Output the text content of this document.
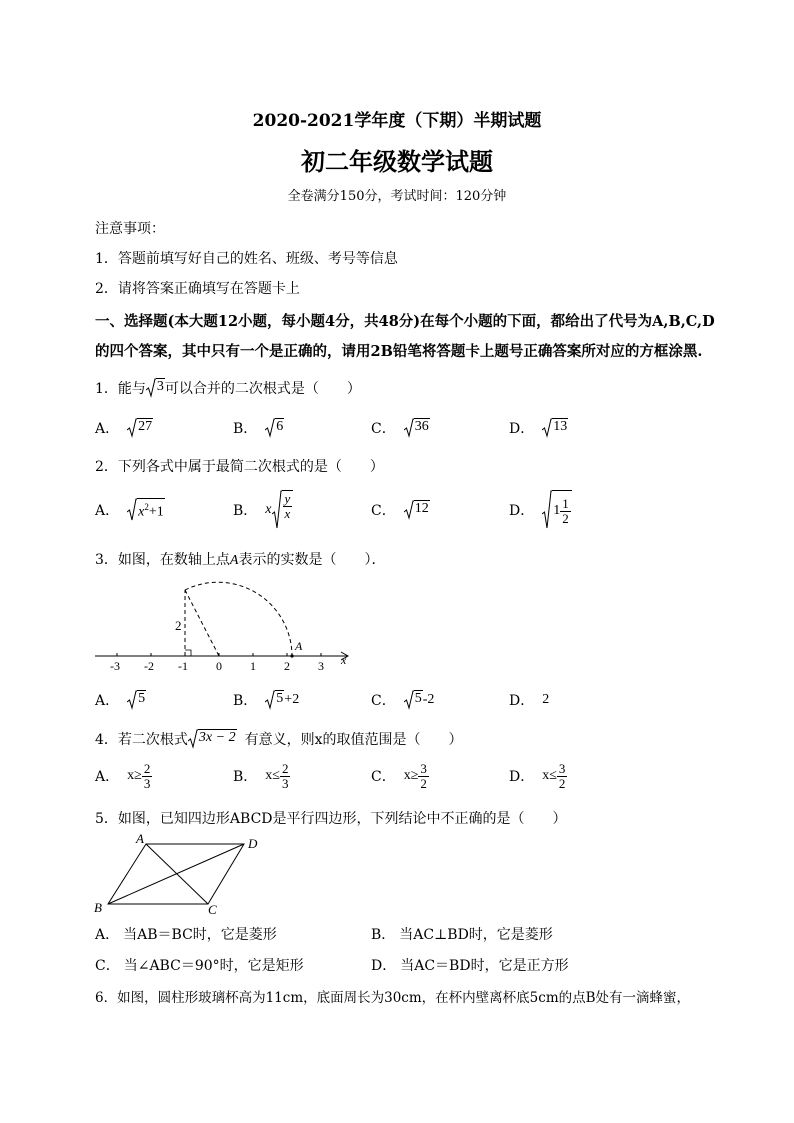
2020-2021学年度（下期）半期试题
初二年级数学试题
全卷满分150分，考试时间：120分钟
注意事项：
1．答题前填写好自己的姓名、班级、考号等信息
2．请将答案正确填写在答题卡上
一、选择题(本大题12小题，每小题4分，共48分)在每个小题的下面，都给出了代号为A,B,C,D
的四个答案，其中只有一个是正确的，请用2B铅笔将答题卡上题号正确答案所对应的方框涂黑.
1．能与 3 可以合并的二次根式是（　　）
A． 27	B． 6	C． 36	D． 13
2．下列各式中属于最简二次根式的是（　　）
A． $x^2+1$	B． x $\frac{y}{x}$	C． 12	D． $1 \frac{1}{2}$
3．如图，在数轴上点A表示的实数是（　　）．
-3 -2 -1 0 1 2 3
2
A
x
A． 5	B． 5 +2	C． 5 -2	D． 2
4．若二次根式 3x − 2 有意义，则x的取值范围是（　　）
A． $x\ge \frac{2}{3}$	B． $x\le \frac{2}{3}$	C． $x\ge \frac{3}{2}$	D． $x\le \frac{3}{2}$
5．如图，已知四边形ABCD是平行四边形，下列结论中不正确的是（　　）
A	D
B	C
A． 当AB＝BC时，它是菱形	B． 当AC⊥BD时，它是菱形
C． 当∠ABC＝90°时，它是矩形	D． 当AC＝BD时，它是正方形
6．如图，圆柱形玻璃杯高为11cm，底面周长为30cm，在杯内壁离杯底5cm的点B处有一滴蜂蜜，
